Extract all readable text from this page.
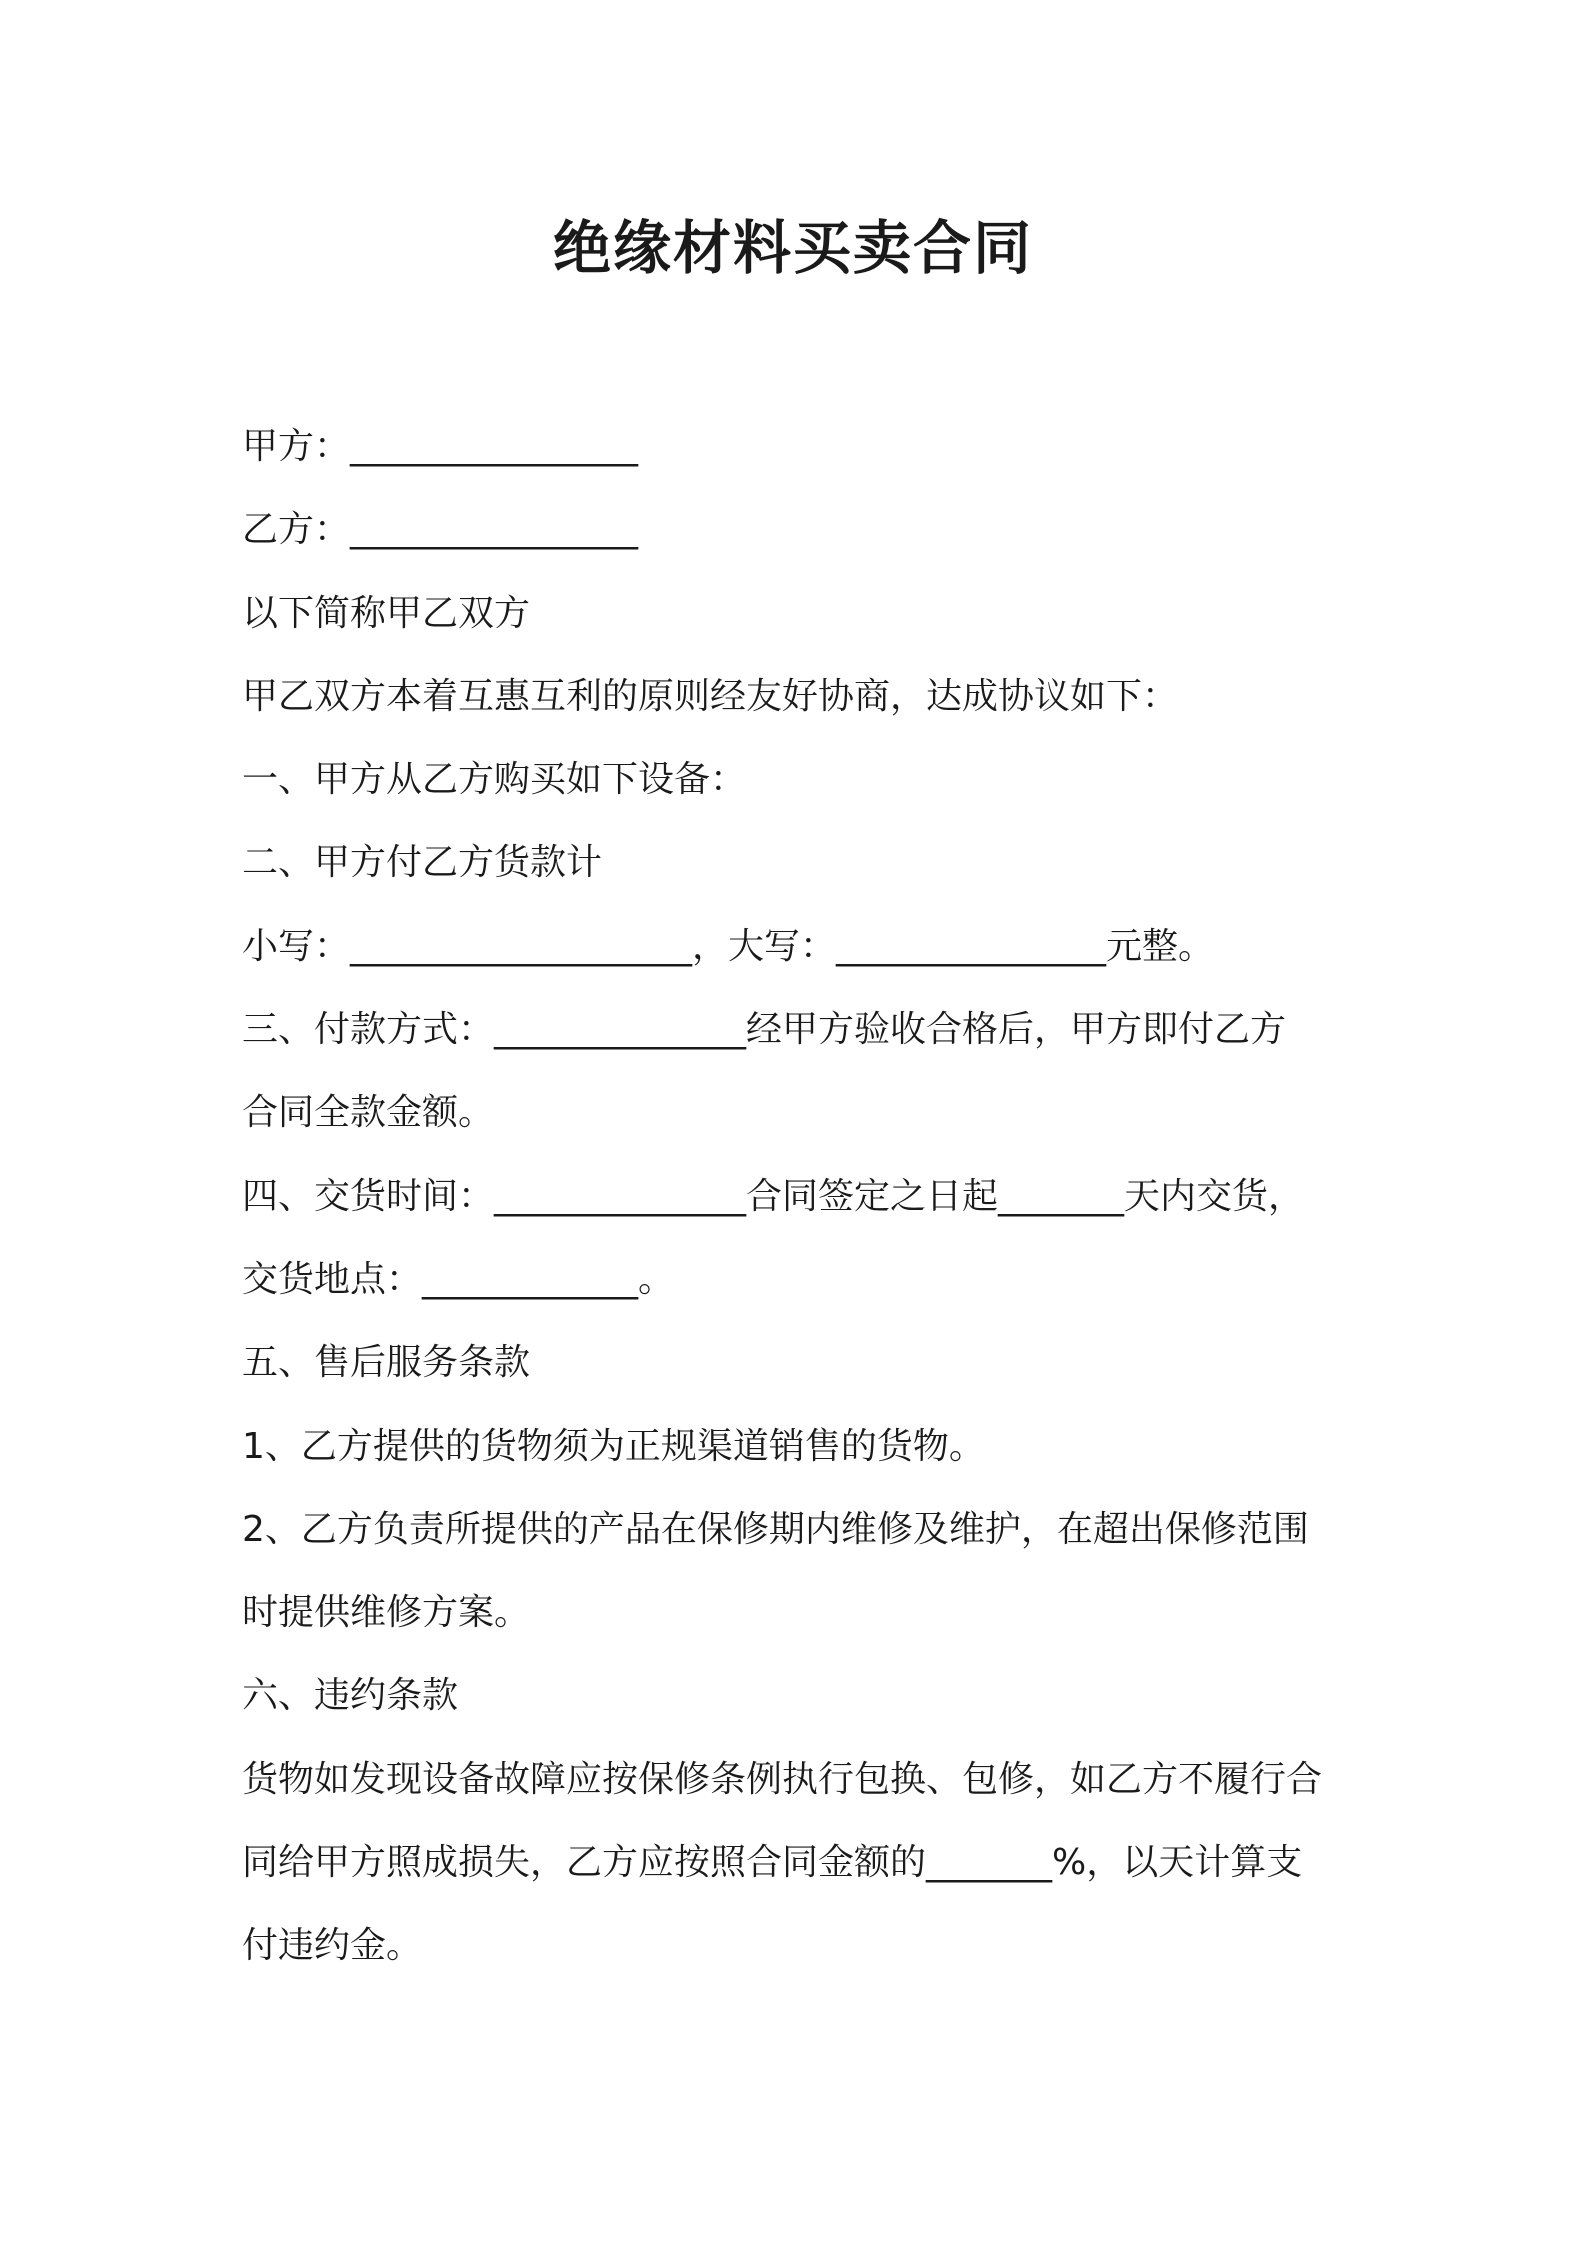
绝缘材料买卖合同
甲方：________________
乙方：________________
以下简称甲乙双方
甲乙双方本着互惠互利的原则经友好协商，达成协议如下：
一、甲方从乙方购买如下设备：
二、甲方付乙方货款计
小写：___________________，大写：_______________元整。
三、付款方式：______________经甲方验收合格后，甲方即付乙方
合同全款金额。
四、交货时间：______________合同签定之日起_______天内交货，
交货地点：____________。
五、售后服务条款
1、乙方提供的货物须为正规渠道销售的货物。
2、乙方负责所提供的产品在保修期内维修及维护，在超出保修范围
时提供维修方案。
六、违约条款
货物如发现设备故障应按保修条例执行包换、包修，如乙方不履行合
同给甲方照成损失，乙方应按照合同金额的_______%，以天计算支
付违约金。
